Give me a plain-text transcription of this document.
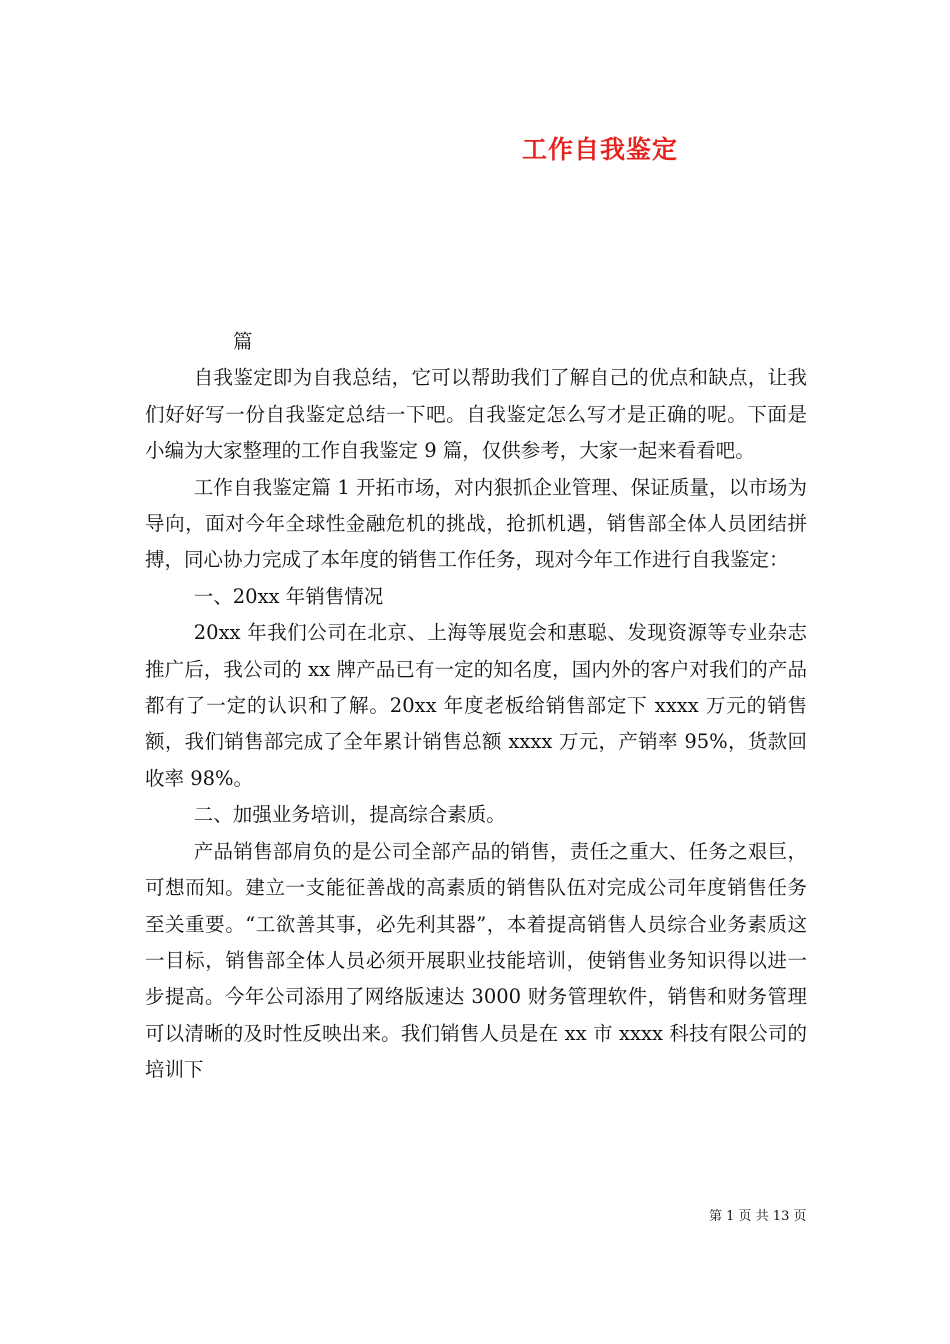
工作自我鉴定

篇

自我鉴定即为自我总结，它可以帮助我们了解自己的优点和缺点，让我们好好写一份自我鉴定总结一下吧。自我鉴定怎么写才是正确的呢。下面是小编为大家整理的工作自我鉴定 9 篇，仅供参考，大家一起来看看吧。

工作自我鉴定篇 1 开拓市场，对内狠抓企业管理、保证质量，以市场为导向，面对今年全球性金融危机的挑战，抢抓机遇，销售部全体人员团结拼搏，同心协力完成了本年度的销售工作任务，现对今年工作进行自我鉴定：

一、20xx 年销售情况

20xx 年我们公司在北京、上海等展览会和惠聪、发现资源等专业杂志推广后，我公司的 xx 牌产品已有一定的知名度，国内外的客户对我们的产品都有了一定的认识和了解。20xx 年度老板给销售部定下 xxxx 万元的销售额，我们销售部完成了全年累计销售总额 xxxx 万元，产销率 95%，货款回收率 98%。

二、加强业务培训，提高综合素质。

产品销售部肩负的是公司全部产品的销售，责任之重大、任务之艰巨，可想而知。建立一支能征善战的高素质的销售队伍对完成公司年度销售任务至关重要。“工欲善其事，必先利其器”，本着提高销售人员综合业务素质这一目标，销售部全体人员必须开展职业技能培训，使销售业务知识得以进一步提高。今年公司添用了网络版速达 3000 财务管理软件，销售和财务管理可以清晰的及时性反映出来。我们销售人员是在 xx 市 xxxx 科技有限公司的培训下

第 1 页 共 13 页
